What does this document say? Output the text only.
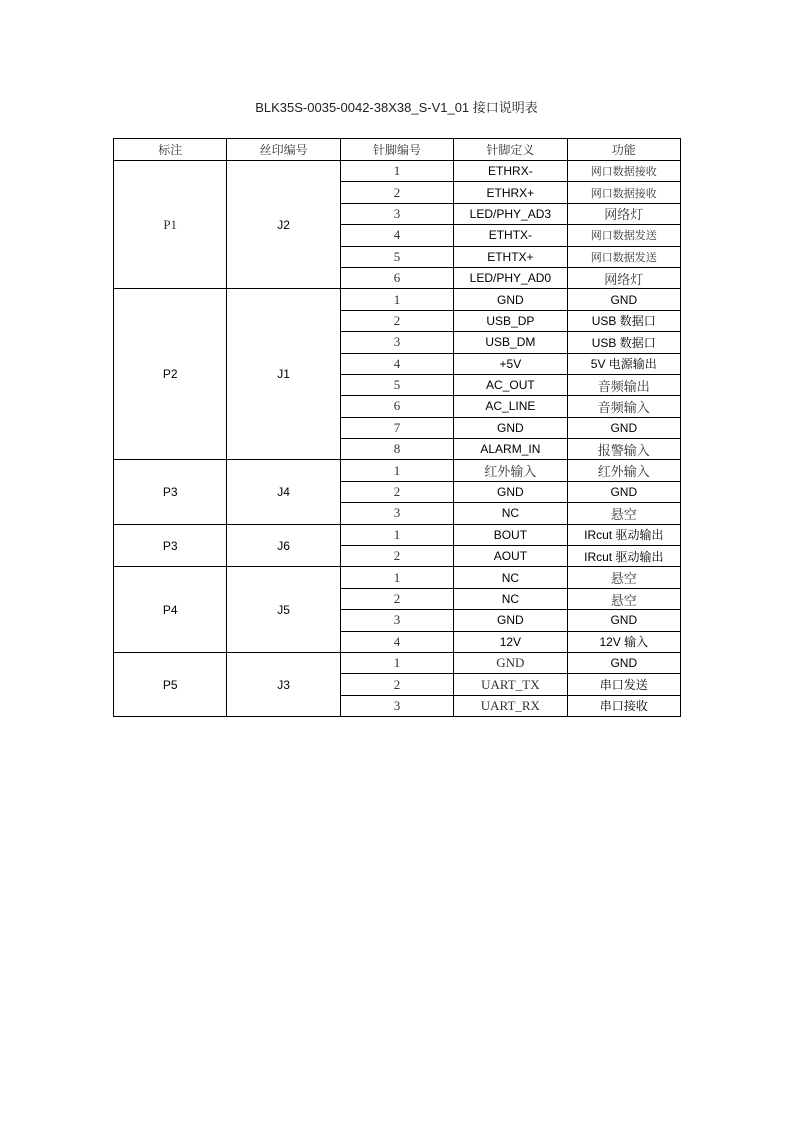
BLK35S-0035-0042-38X38_S-V1_01 接口说明表
标注	丝印编号	针脚编号	针脚定义	功能
P1	J2	1	ETHRX-	网口数据接收
		2	ETHRX+	网口数据接收
		3	LED/PHY_AD3	网络灯
		4	ETHTX-	网口数据发送
		5	ETHTX+	网口数据发送
		6	LED/PHY_AD0	网络灯
P2	J1	1	GND	GND
		2	USB_DP	USB 数据口
		3	USB_DM	USB 数据口
		4	+5V	5V 电源输出
		5	AC_OUT	音频输出
		6	AC_LINE	音频输入
		7	GND	GND
		8	ALARM_IN	报警输入
P3	J4	1	红外输入	红外输入
		2	GND	GND
		3	NC	悬空
P3	J6	1	BOUT	IRcut 驱动输出
		2	AOUT	IRcut 驱动输出
P4	J5	1	NC	悬空
		2	NC	悬空
		3	GND	GND
		4	12V	12V 输入
P5	J3	1	GND	GND
		2	UART_TX	串口发送
		3	UART_RX	串口接收
